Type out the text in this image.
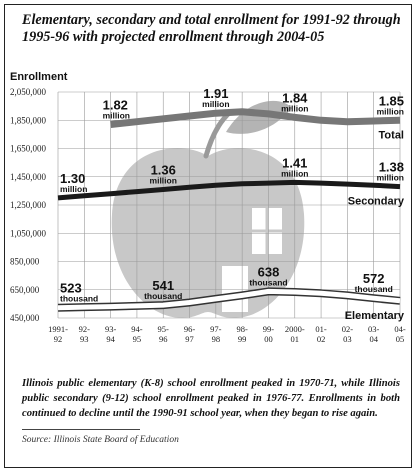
Elementary, secondary and total enrollment for 1991-92 through 1995-96 with projected enrollment through 2004-05

Enrollment
450,000
650,000
850,000
1,050,000
1,250,000
1,450,000
1,650,000
1,850,000
2,050,000
1991-
92
92-
93
93-
94
94-
95
95-
96
96-
97
97-
98
98-
99
99-
00
2000-
01
01-
02
02-
03
03-
04
04-
05
1.82
million
1.91
million	1.84
million
1.85
million
1.30
million
1.36
million
1.41
million	1.38
million
523
thousand
541
thousand
638
thousand	572
thousand
Total
Secondary
Elementary

Illinois public elementary (K-8) school enrollment peaked in 1970-71, while Illinois public secondary (9-12) school enrollment peaked in 1976-77. Enrollments in both continued to decline until the 1990-91 school year, when they began to rise again.

Source: Illinois State Board of Education
